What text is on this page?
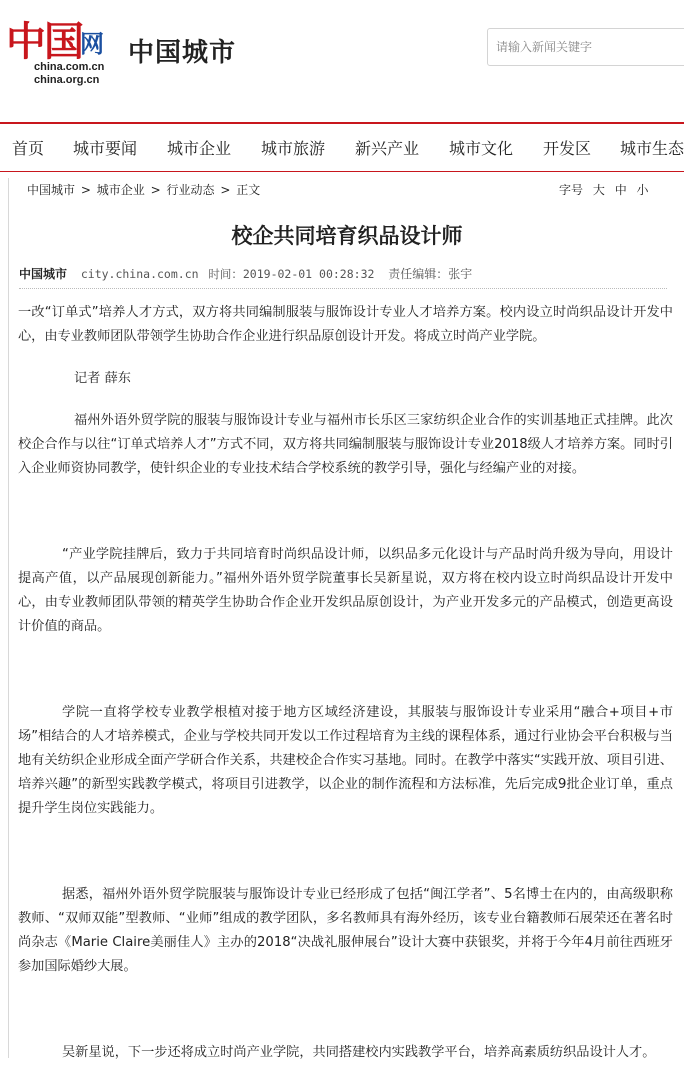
中国
网
china.com.cn
china.org.cn
中国城市
请输入新闻关键字
首页 城市要闻 城市企业 城市旅游 新兴产业 城市文化 开发区 城市生态
中国城市 > 城市企业 > 行业动态 > 正文	字号 大 中 小
校企共同培育织品设计师
中国城市 city.china.com.cn 时间：2019-02-01 00:28:32 责任编辑：张宇

一改“订单式”培养人才方式，双方将共同编制服装与服饰设计专业人才培养方案。校内设立时尚织品设计开发中心，由专业教师团队带领学生协助合作企业进行织品原创设计开发。将成立时尚产业学院。

记者 薛东

福州外语外贸学院的服装与服饰设计专业与福州市长乐区三家纺织企业合作的实训基地正式挂牌。此次校企合作与以往“订单式培养人才”方式不同，双方将共同编制服装与服饰设计专业2018级人才培养方案。同时引入企业师资协同教学，使针织企业的专业技术结合学校系统的教学引导，强化与经编产业的对接。

“产业学院挂牌后，致力于共同培育时尚织品设计师，以织品多元化设计与产品时尚升级为导向，用设计提高产值，以产品展现创新能力。”福州外语外贸学院董事长吴新星说，双方将在校内设立时尚织品设计开发中心，由专业教师团队带领的精英学生协助合作企业开发织品原创设计，为产业开发多元的产品模式，创造更高设计价值的商品。

学院一直将学校专业教学根植对接于地方区域经济建设，其服装与服饰设计专业采用“融合+项目+市场”相结合的人才培养模式，企业与学校共同开发以工作过程培育为主线的课程体系，通过行业协会平台积极与当地有关纺织企业形成全面产学研合作关系，共建校企合作实习基地。同时。在教学中落实“实践开放、项目引进、培养兴趣”的新型实践教学模式，将项目引进教学，以企业的制作流程和方法标准，先后完成9批企业订单，重点提升学生岗位实践能力。

据悉，福州外语外贸学院服装与服饰设计专业已经形成了包括“闽江学者”、5名博士在内的，由高级职称教师、“双师双能”型教师、“业师”组成的教学团队，多名教师具有海外经历，该专业台籍教师石展荣还在著名时尚杂志《Marie Claire美丽佳人》主办的2018“决战礼服伸展台”设计大赛中获银奖，并将于今年4月前往西班牙参加国际婚纱大展。

吴新星说，下一步还将成立时尚产业学院，共同搭建校内实践教学平台，培养高素质纺织品设计人才。
